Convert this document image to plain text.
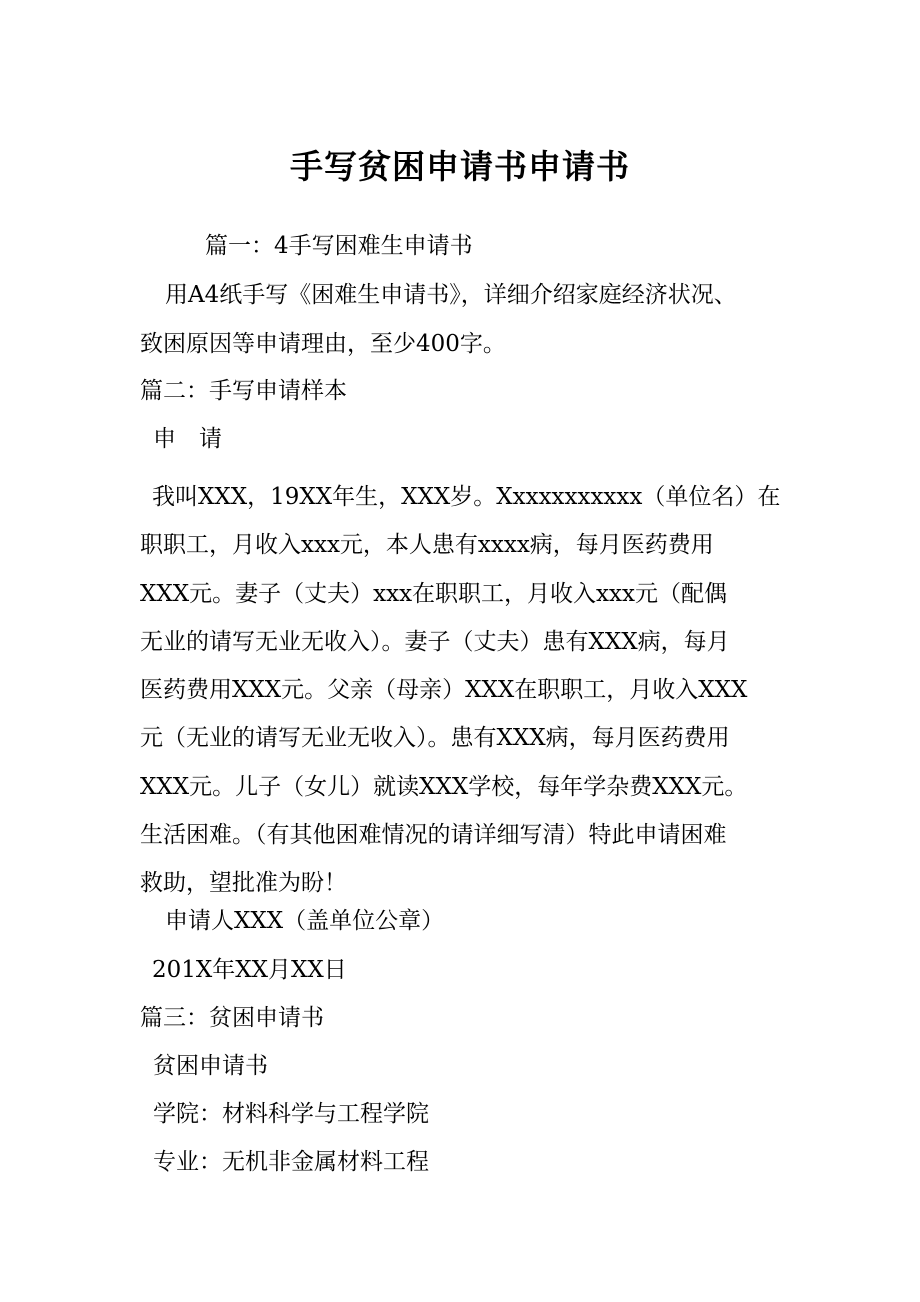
手写贫困申请书申请书
篇一：4手写困难生申请书
用A4纸手写《困难生申请书》，详细介绍家庭经济状况、
致困原因等申请理由，至少400字。
篇二：手写申请样本
申　请
我叫XXX，19XX年生，XXX岁。Xxxxxxxxxxx（单位名）在
职职工，月收入xxx元，本人患有xxxx病，每月医药费用
XXX元。妻子（丈夫）xxx在职职工，月收入xxx元（配偶
无业的请写无业无收入）。妻子（丈夫）患有XXX病，每月
医药费用XXX元。父亲（母亲）XXX在职职工，月收入XXX
元（无业的请写无业无收入）。患有XXX病，每月医药费用
XXX元。儿子（女儿）就读XXX学校，每年学杂费XXX元。
生活困难。（有其他困难情况的请详细写清）特此申请困难
救助，望批准为盼！
申请人XXX（盖单位公章）
201X年XX月XX日
篇三：贫困申请书
贫困申请书
学院：材料科学与工程学院
专业：无机非金属材料工程
